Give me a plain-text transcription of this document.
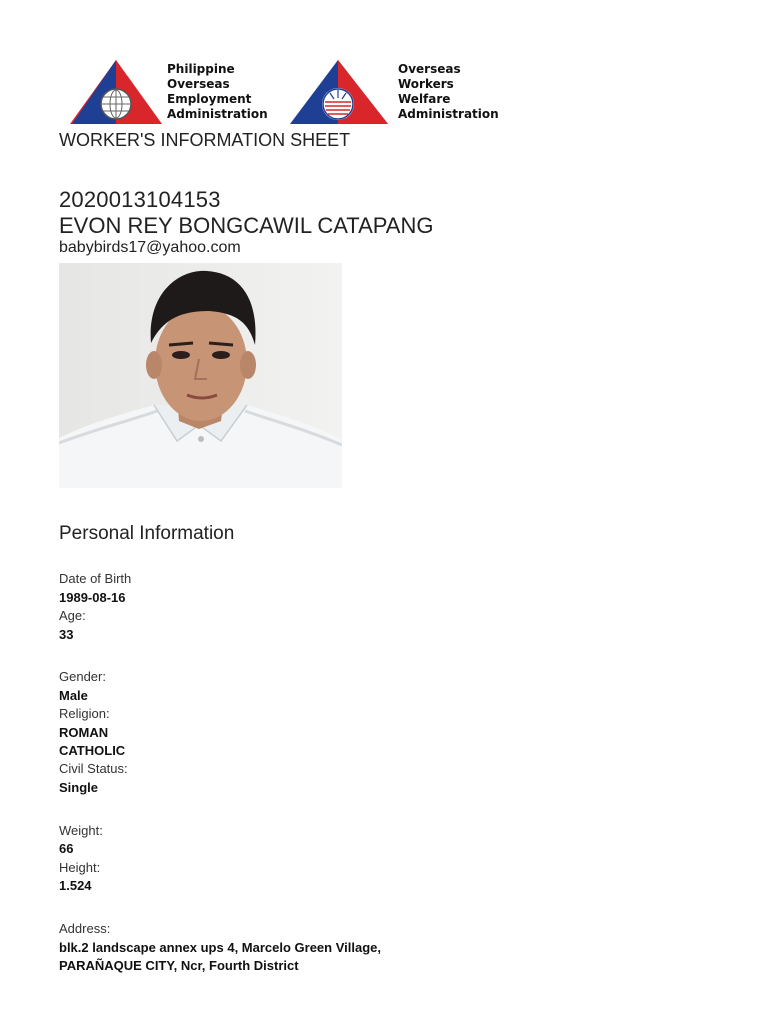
Philippine
Overseas
Employment
Administration
Overseas
Workers
Welfare
Administration
WORKER'S INFORMATION SHEET
2020013104153
EVON REY BONGCAWIL CATAPANG
babybirds17@yahoo.com
Personal Information
Date of Birth
1989-08-16
Age:
33
Gender:
Male
Religion:
ROMAN
CATHOLIC
Civil Status:
Single
Weight:
66
Height:
1.524
Address:
blk.2 landscape annex ups 4, Marcelo Green Village,
PARAÑAQUE CITY, Ncr, Fourth District
